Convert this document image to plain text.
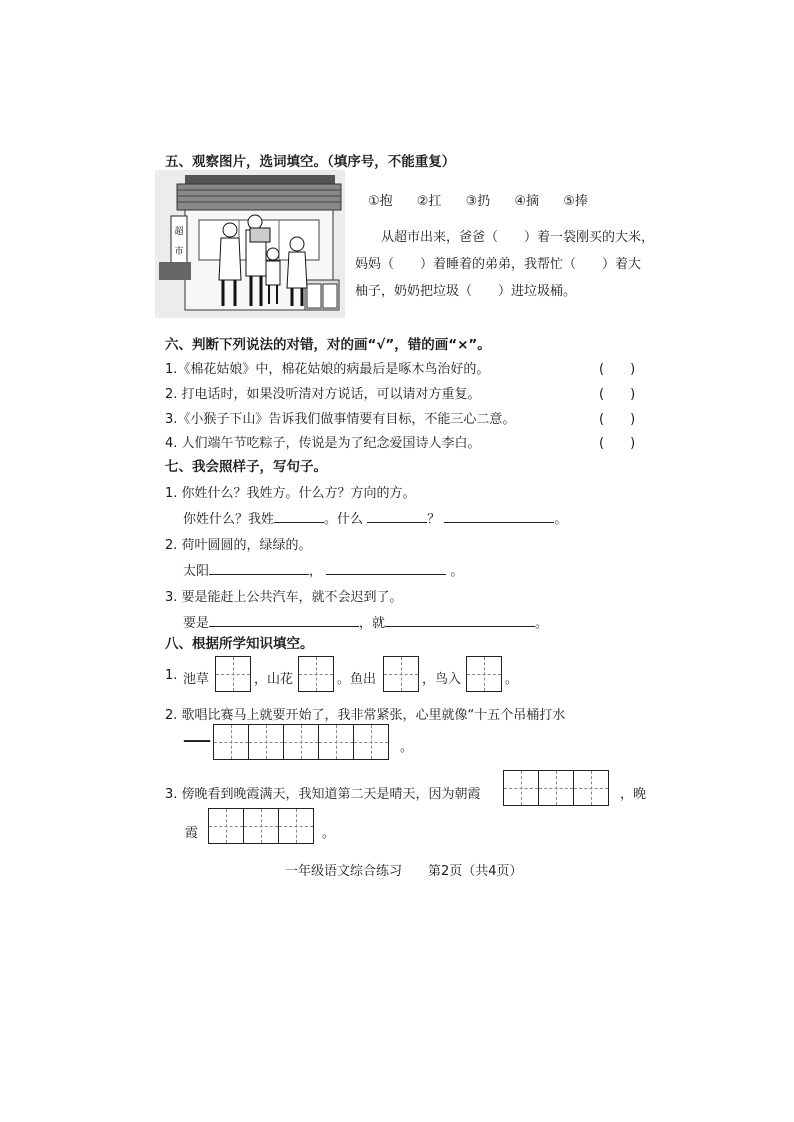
五、观察图片，选词填空。（填序号，不能重复）
超
市
①抱 ②扛 ③扔 ④摘 ⑤捧
从超市出来，爸爸（　　）着一袋刚买的大米，
妈妈（　　）着睡着的弟弟，我帮忙（　　）着大
柚子，奶奶把垃圾（　　）进垃圾桶。
六、判断下列说法的对错，对的画“√”，错的画“×”。
1.《棉花姑娘》中，棉花姑娘的病最后是啄木鸟治好的。	(　　)
2. 打电话时，如果没听清对方说话，可以请对方重复。	(　　)
3.《小猴子下山》告诉我们做事情要有目标，不能三心二意。	(　　)
4. 人们端午节吃粽子，传说是为了纪念爱国诗人李白。	(　　)
七、我会照样子，写句子。
1. 你姓什么？我姓方。什么方？方向的方。
你姓什么？我姓	。什么	？	。
2. 荷叶圆圆的，绿绿的。
太阳	，	。
3. 要是能赶上公共汽车，就不会迟到了。
要是	，就	。
八、根据所学知识填空。
1. 池草	，山花	。鱼出	，鸟入	。
2. 歌唱比赛马上就要开始了，我非常紧张，心里就像“十五个吊桶打水
——	。
3. 傍晚看到晚霞满天，我知道第二天是晴天，因为朝霞	，晚
霞	。
一年级语文综合练习　　第2页（共4页）
